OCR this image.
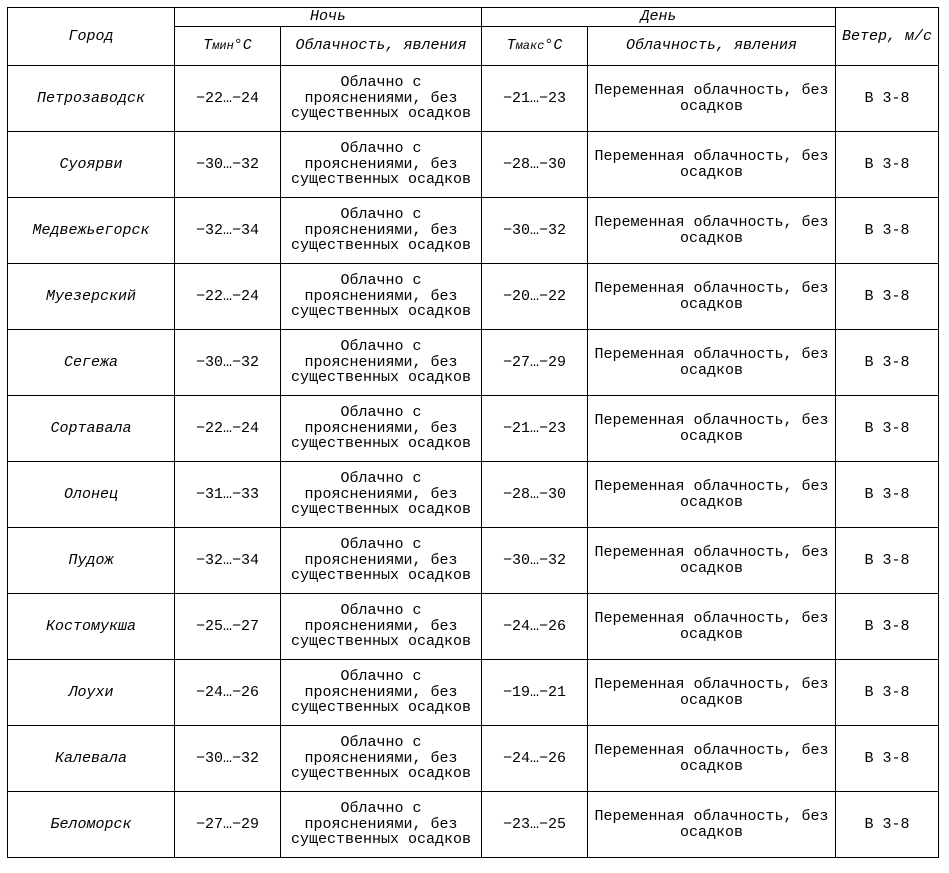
Город	Ночь		День		Ветер, м/с
	Тмин°С	Облачность, явления	Тмакс°С	Облачность, явления	
Петрозаводск	−22…−24	Облачно с прояснениями, без существенных осадков	−21…−23	Переменная облачность, без осадков	В 3-8
Суоярви	−30…−32	Облачно с прояснениями, без существенных осадков	−28…−30	Переменная облачность, без осадков	В 3-8
Медвежьегорск	−32…−34	Облачно с прояснениями, без существенных осадков	−30…−32	Переменная облачность, без осадков	В 3-8
Муезерский	−22…−24	Облачно с прояснениями, без существенных осадков	−20…−22	Переменная облачность, без осадков	В 3-8
Сегежа	−30…−32	Облачно с прояснениями, без существенных осадков	−27…−29	Переменная облачность, без осадков	В 3-8
Сортавала	−22…−24	Облачно с прояснениями, без существенных осадков	−21…−23	Переменная облачность, без осадков	В 3-8
Олонец	−31…−33	Облачно с прояснениями, без существенных осадков	−28…−30	Переменная облачность, без осадков	В 3-8
Пудож	−32…−34	Облачно с прояснениями, без существенных осадков	−30…−32	Переменная облачность, без осадков	В 3-8
Костомукша	−25…−27	Облачно с прояснениями, без существенных осадков	−24…−26	Переменная облачность, без осадков	В 3-8
Лоухи	−24…−26	Облачно с прояснениями, без существенных осадков	−19…−21	Переменная облачность, без осадков	В 3-8
Калевала	−30…−32	Облачно с прояснениями, без существенных осадков	−24…−26	Переменная облачность, без осадков	В 3-8
Беломорск	−27…−29	Облачно с прояснениями, без существенных осадков	−23…−25	Переменная облачность, без осадков	В 3-8
